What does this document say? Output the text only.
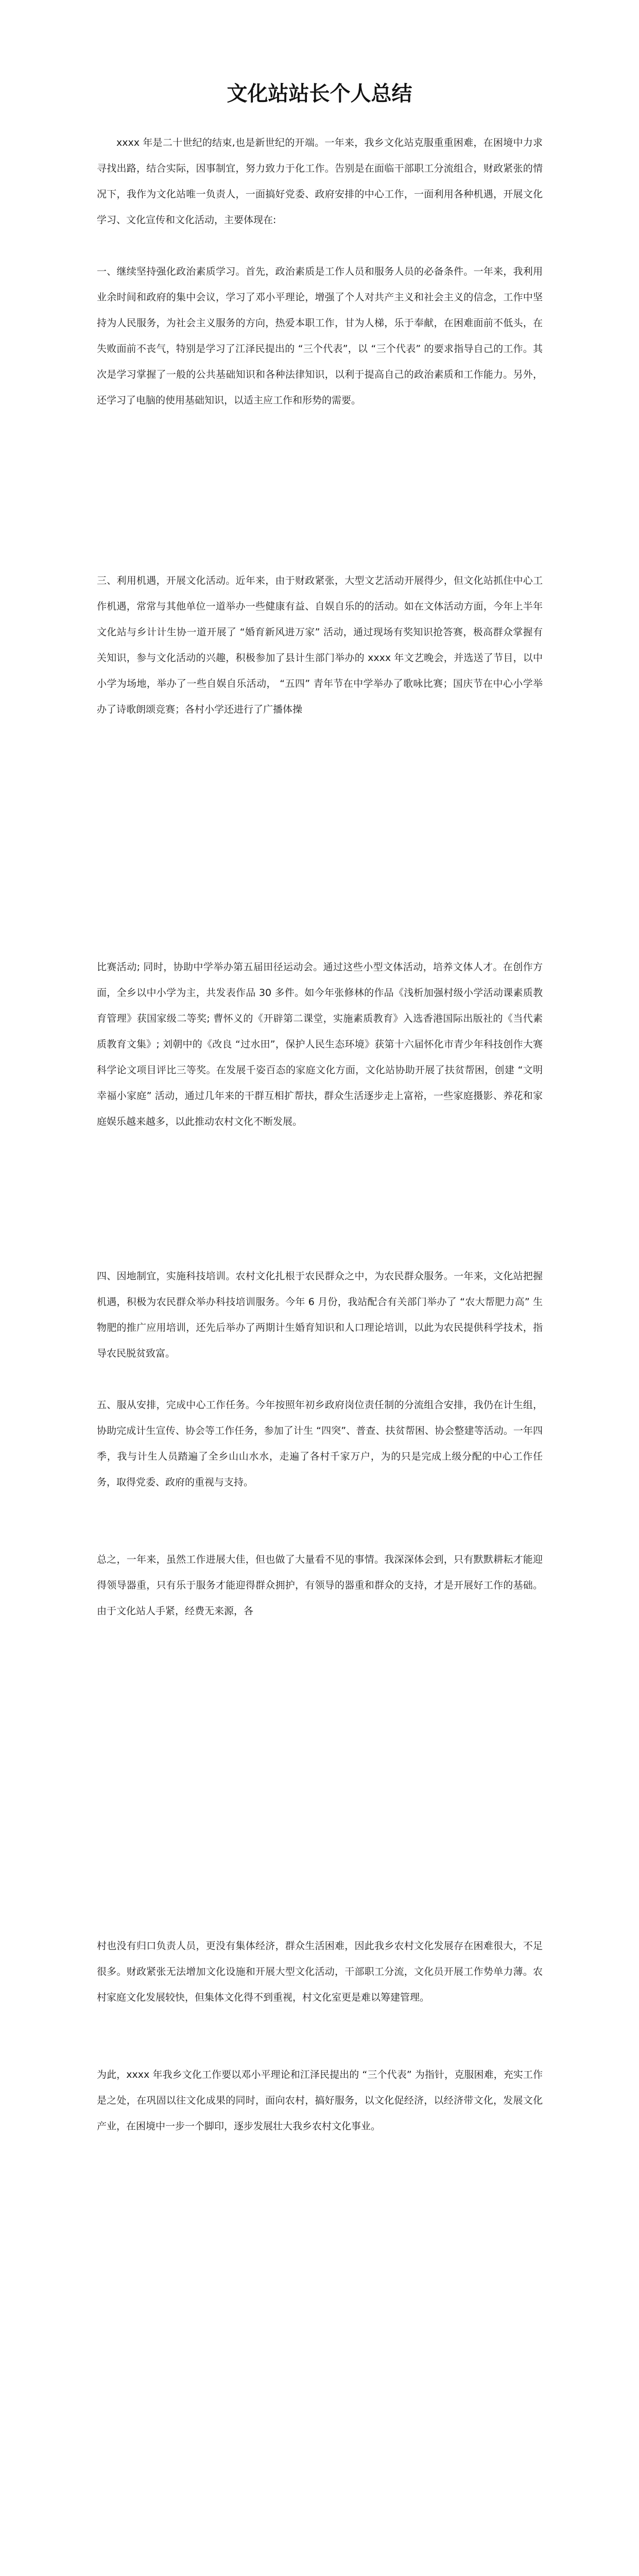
文化站站长个人总结

xxxx 年是二十世纪的结束,也是新世纪的开端。一年来，我乡文化站克服重重困难，在困境中力求寻找出路，结合实际，因事制宜，努力致力于化工作。告别是在面临干部职工分流组合，财政紧张的情况下，我作为文化站唯一负责人，一面搞好党委、政府安排的中心工作，一面利用各种机遇，开展文化学习、文化宣传和文化活动，主要体现在:

一、继续坚持强化政治素质学习。首先，政治素质是工作人员和服务人员的必备条件。一年来，我利用业余时间和政府的集中会议，学习了邓小平理论，增强了个人对共产主义和社会主义的信念，工作中坚持为人民服务，为社会主义服务的方向，热爱本职工作，甘为人梯，乐于奉献，在困难面前不低头，在失败面前不丧气，特别是学习了江泽民提出的 “三个代表”，以 “三个代表” 的要求指导自己的工作。其次是学习掌握了一般的公共基础知识和各种法律知识，以利于提高自己的政治素质和工作能力。另外，还学习了电脑的使用基础知识，以适主应工作和形势的需要。

三、利用机遇，开展文化活动。近年来，由于财政紧张，大型文艺活动开展得少，但文化站抓住中心工作机遇，常常与其他单位一道举办一些健康有益、自娱自乐的的活动。如在文体活动方面，今年上半年文化站与乡计计生协一道开展了 “婚育新风进万家” 活动，通过现场有奖知识抢答赛，极高群众掌握有关知识，参与文化活动的兴趣，积极参加了县计生部门举办的 xxxx 年文艺晚会，并选送了节目，以中小学为场地，举办了一些自娱自乐活动， “五四” 青年节在中学举办了歌咏比赛；国庆节在中心小学举办了诗歌朗颂竞赛；各村小学还进行了广播体操

比赛活动; 同时，协助中学举办第五届田径运动会。通过这些小型文体活动，培养文体人才。在创作方面，全乡以中小学为主，共发表作品 30 多件。如今年张修林的作品《浅析加强村级小学活动课素质教育管理》获国家级二等奖; 曹怀义的《开辟第二课堂，实施素质教育》入选香港国际出版社的《当代素质教育文集》; 刘朝中的《改良 “过水田”，保护人民生态环境》获第十六届怀化市青少年科技创作大赛科学论文项目评比三等奖。在发展千姿百态的家庭文化方面，文化站协助开展了扶贫帮困，创建 “文明幸福小家庭” 活动，通过几年来的干群互相扩帮扶，群众生活逐步走上富裕，一些家庭摄影、养花和家庭娱乐越来越多，以此推动农村文化不断发展。

四、因地制宜，实施科技培训。农村文化扎根于农民群众之中，为农民群众服务。一年来，文化站把握机遇，积极为农民群众举办科技培训服务。今年 6 月份，我站配合有关部门举办了 “农大帮肥力高” 生物肥的推广应用培训，还先后举办了两期计生婚育知识和人口理论培训，以此为农民提供科学技术，指导农民脱贫致富。

五、服从安排，完成中心工作任务。今年按照年初乡政府岗位责任制的分流组合安排，我仍在计生组，协助完成计生宣传、协会等工作任务，参加了计生 “四突”、普查、扶贫帮困、协会整建等活动。一年四季，我与计生人员踏遍了全乡山山水水，走遍了各村千家万户，为的只是完成上级分配的中心工作任务，取得党委、政府的重视与支持。

总之，一年来，虽然工作进展大佳，但也做了大量看不见的事情。我深深体会到，只有默默耕耘才能迎得领导器重，只有乐于服务才能迎得群众拥护，有领导的器重和群众的支持，才是开展好工作的基础。由于文化站人手紧，经费无来源，各

村也没有归口负责人员，更没有集体经济，群众生活困难，因此我乡农村文化发展存在困难很大，不足很多。财政紧张无法增加文化设施和开展大型文化活动，干部职工分流，文化员开展工作势单力薄。农村家庭文化发展较快，但集体文化得不到重视，村文化室更是难以筹建管理。

为此，xxxx 年我乡文化工作要以邓小平理论和江泽民提出的 “三个代表” 为指针，克服困难，充实工作是之处，在巩固以往文化成果的同时，面向农村，搞好服务，以文化促经济，以经济带文化，发展文化产业，在困境中一步一个脚印，逐步发展壮大我乡农村文化事业。
